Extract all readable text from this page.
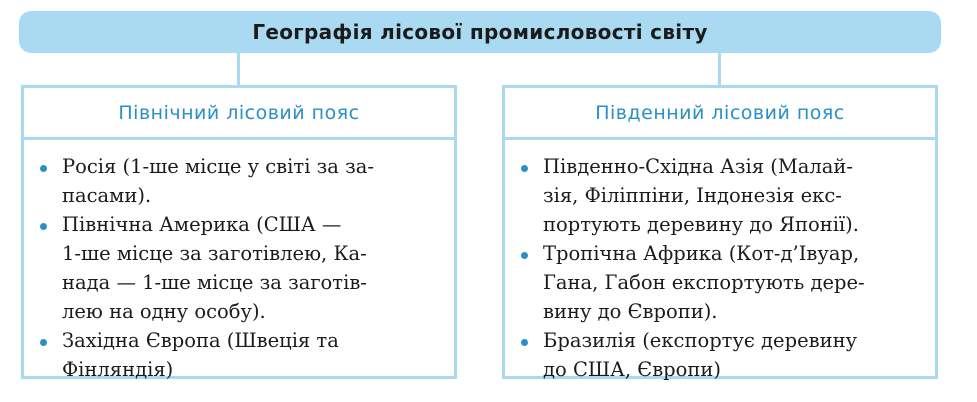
Географія лісової промисловості світу
Північний лісовий пояс
Росія (1-ше місце у світі за за-
пасами).
Північна Америка (США —
1-ше місце за заготівлею, Ка-
нада — 1-ше місце за заготів-
лею на одну особу).
Західна Європа (Швеція та
Фінляндія)
Південний лісовий пояс
Південно-Східна Азія (Малай-
зія, Філіппіни, Індонезія екс-
портують деревину до Японії).
Тропічна Африка (Кот-д’Івуар,
Гана, Габон експортують дере-
вину до Європи).
Бразилія (експортує деревину
до США, Європи)
